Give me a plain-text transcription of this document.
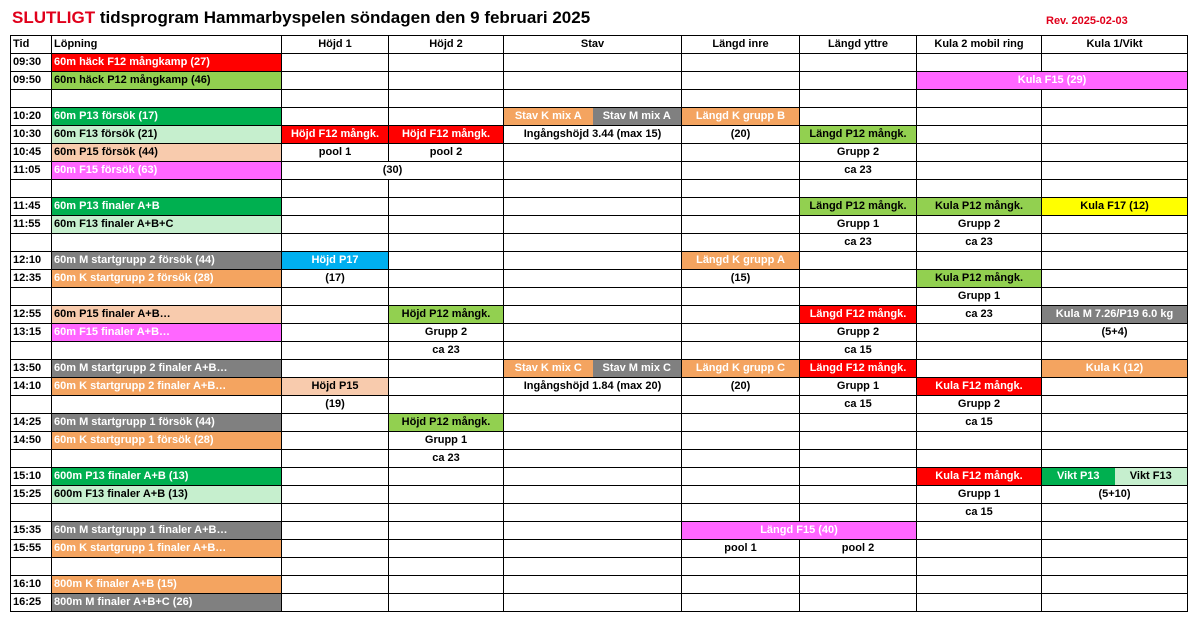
SLUTLIGT tidsprogram Hammarbyspelen söndagen den 9 februari 2025	Rev. 2025-02-03
Tid	Löpning	Höjd 1	Höjd 2	Stav	Längd inre	Längd yttre	Kula 2 mobil ring	Kula 1/Vikt
09:30	60m häck F12 mångkamp (27)							
09:50	60m häck P12 mångkamp (46)						Kula F15 (29)	

10:20	60m P13 försök (17)			Stav K mix A Stav M mix A	Längd K grupp B			
10:30	60m F13 försök (21)	Höjd F12 mångk.	Höjd F12 mångk.	Ingångshöjd 3.44 (max 15)	(20)	Längd P12 mångk.		
10:45	60m P15 försök (44)	pool 1	pool 2			Grupp 2		
11:05	60m F15 försök (63)	(30)				ca 23		

11:45	60m P13 finaler A+B					Längd P12 mångk.	Kula P12 mångk.	Kula F17 (12)
11:55	60m F13 finaler A+B+C					Grupp 1	Grupp 2	
						ca 23	ca 23	
12:10	60m M startgrupp 2 försök (44)	Höjd P17			Längd K grupp A			
12:35	60m K startgrupp 2 försök (28)	(17)			(15)		Kula P12 mångk.	
							Grupp 1	
12:55	60m P15 finaler A+B…		Höjd P12 mångk.			Längd F12 mångk.	ca 23	Kula M 7.26/P19 6.0 kg
13:15	60m F15 finaler A+B…		Grupp 2			Grupp 2		(5+4)
			ca 23			ca 15		
13:50	60m M startgrupp 2 finaler A+B…			Stav K mix C Stav M mix C	Längd K grupp C	Längd F12 mångk.		Kula K (12)
14:10	60m K startgrupp 2 finaler A+B…	Höjd P15		Ingångshöjd 1.84 (max 20)	(20)	Grupp 1	Kula F12 mångk.	
		(19)				ca 15	Grupp 2	
14:25	60m M startgrupp 1 försök (44)		Höjd P12 mångk.				ca 15	
14:50	60m K startgrupp 1 försök (28)		Grupp 1					
			ca 23					
15:10	600m P13 finaler A+B (13)						Kula F12 mångk.	Vikt P13 Vikt F13

15:25	600m F13 finaler A+B (13)						Grupp 1	(5+10)
							ca 15	
15:35	60m M startgrupp 1 finaler A+B…				Längd F15 (40)			
15:55	60m K startgrupp 1 finaler A+B…				pool 1	pool 2		

16:10	800m K finaler A+B (15)							
16:25	800m M finaler A+B+C (26)							
